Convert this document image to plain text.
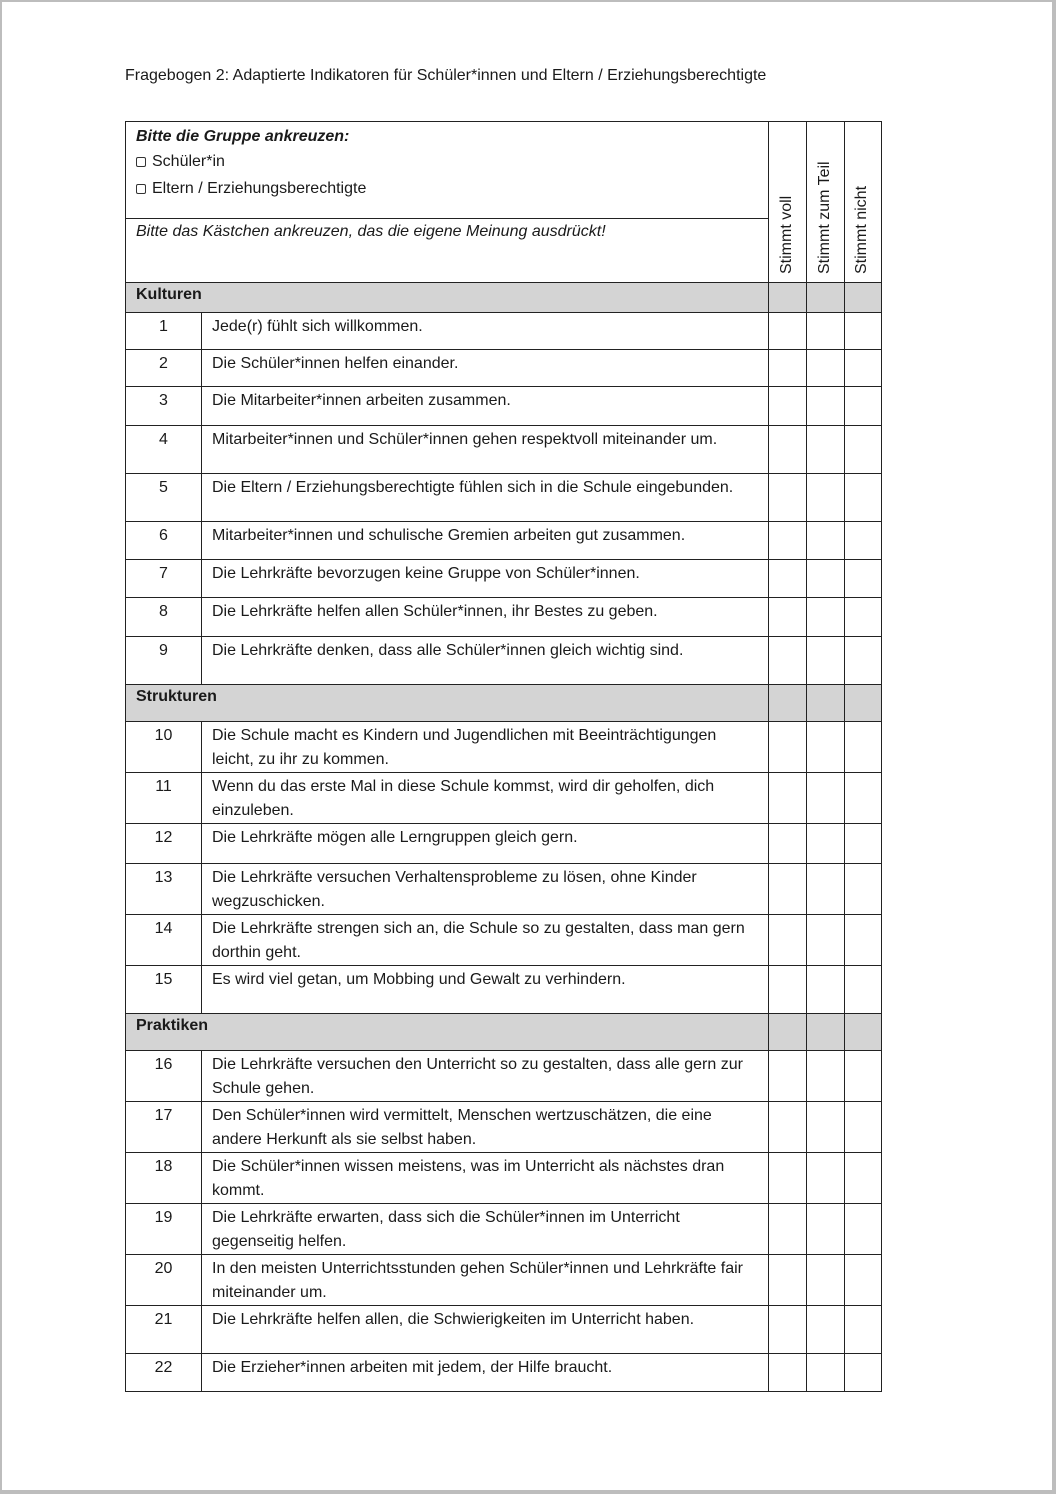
Fragebogen 2: Adaptierte Indikatoren für Schüler*innen und Eltern / Erziehungsberechtigte
Bitte die Gruppe ankreuzen:
Schüler*in
Eltern / Erziehungsberechtigte
Bitte das Kästchen ankreuzen, das die eigene Meinung ausdrückt!		Stimmt voll	Stimmt zum Teil	Stimmt nicht

Kulturen				
1	Jede(r) fühlt sich willkommen.			
2	Die Schüler*innen helfen einander.			
3	Die Mitarbeiter*innen arbeiten zusammen.			
4	Mitarbeiter*innen und Schüler*innen gehen respektvoll miteinander um.			
5	Die Eltern / Erziehungsberechtigte fühlen sich in die Schule eingebunden.			
6	Mitarbeiter*innen und schulische Gremien arbeiten gut zusammen.			
7	Die Lehrkräfte bevorzugen keine Gruppe von Schüler*innen.			
8	Die Lehrkräfte helfen allen Schüler*innen, ihr Bestes zu geben.			
9	Die Lehrkräfte denken, dass alle Schüler*innen gleich wichtig sind.			
Strukturen				
10	Die Schule macht es Kindern und Jugendlichen mit Beeinträchtigungen leicht, zu ihr zu kommen.			
11	Wenn du das erste Mal in diese Schule kommst, wird dir geholfen, dich einzuleben.			
12	Die Lehrkräfte mögen alle Lerngruppen gleich gern.			
13	Die Lehrkräfte versuchen Verhaltensprobleme zu lösen, ohne Kinder wegzuschicken.			
14	Die Lehrkräfte strengen sich an, die Schule so zu gestalten, dass man gern dorthin geht.			
15	Es wird viel getan, um Mobbing und Gewalt zu verhindern.			
Praktiken				
16	Die Lehrkräfte versuchen den Unterricht so zu gestalten, dass alle gern zur Schule gehen.			
17	Den Schüler*innen wird vermittelt, Menschen wertzuschätzen, die eine andere Herkunft als sie selbst haben.			
18	Die Schüler*innen wissen meistens, was im Unterricht als nächstes dran kommt.			
19	Die Lehrkräfte erwarten, dass sich die Schüler*innen im Unterricht gegenseitig helfen.			
20	In den meisten Unterrichtsstunden gehen Schüler*innen und Lehrkräfte fair miteinander um.			
21	Die Lehrkräfte helfen allen, die Schwierigkeiten im Unterricht haben.			
22	Die Erzieher*innen arbeiten mit jedem, der Hilfe braucht.			
